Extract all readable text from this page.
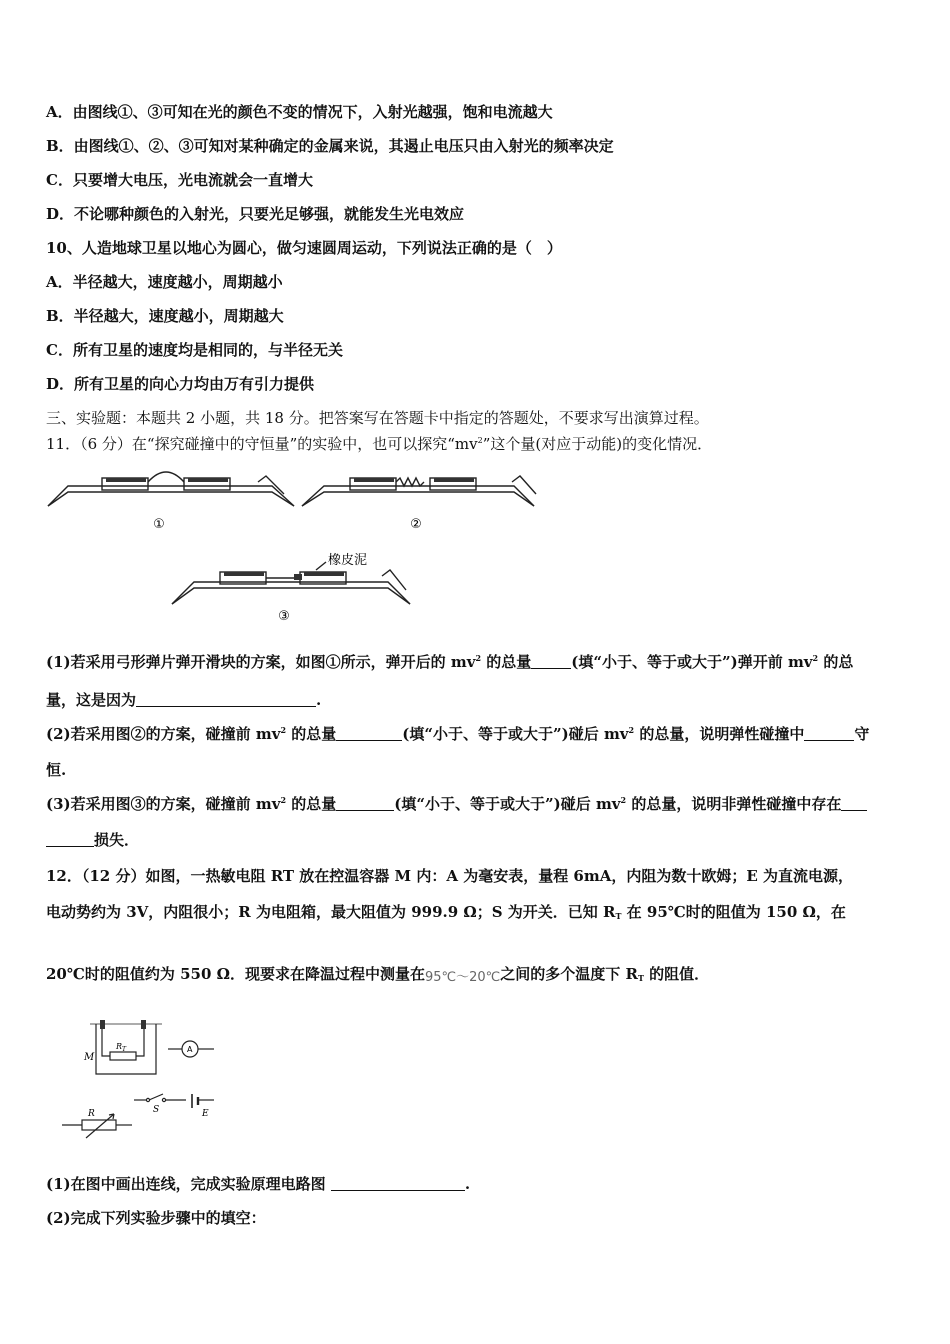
A．由图线①、③可知在光的颜色不变的情况下，入射光越强，饱和电流越大
B．由图线①、②、③可知对某种确定的金属来说，其遏止电压只由入射光的频率决定
C．只要增大电压，光电流就会一直增大
D．不论哪种颜色的入射光，只要光足够强，就能发生光电效应
10、人造地球卫星以地心为圆心，做匀速圆周运动，下列说法正确的是（　）
A．半径越大，速度越小，周期越小
B．半径越大，速度越小，周期越大
C．所有卫星的速度均是相同的，与半径无关
D．所有卫星的向心力均由万有引力提供
三、实验题：本题共 2 小题，共 18 分。把答案写在答题卡中指定的答题处，不要求写出演算过程。
11．（6 分）在“探究碰撞中的守恒量”的实验中，也可以探究“$mv^2$”这个量(对应于动能)的变化情况．
①	②
③
橡皮泥
(1)若采用弓形弹片弹开滑块的方案，如图①所示，弹开后的 $mv^2$ 的总量	(填“小于、等于或大于”)弹开前 $mv^2$ 的总
量，这是因为	.
(2)若采用图②的方案，碰撞前 $mv^2$ 的总量	(填“小于、等于或大于”)碰后 $mv^2$ 的总量，说明弹性碰撞中	守
恒.
(3)若采用图③的方案，碰撞前 $mv^2$ 的总量	(填“小于、等于或大于”)碰后 $mv^2$ 的总量，说明非弹性碰撞中存在
损失．
12．（12 分）如图，一热敏电阻 RT 放在控温容器 M 内：A 为毫安表，量程 6mA，内阻为数十欧姆；E 为直流电源，
电动势约为 3V，内阻很小；R 为电阻箱，最大阻值为 999.9 Ω；S 为开关．已知 $R_T$ 在 95℃时的阻值为 150 Ω，在
20℃时的阻值约为 550 Ω．现要求在降温过程中测量在95℃～20℃之间的多个温度下 $R_T$ 的阻值．
M
$R_T$	A
S	E
R
(1)在图中画出连线，完成实验原理电路图	.
(2)完成下列实验步骤中的填空：
